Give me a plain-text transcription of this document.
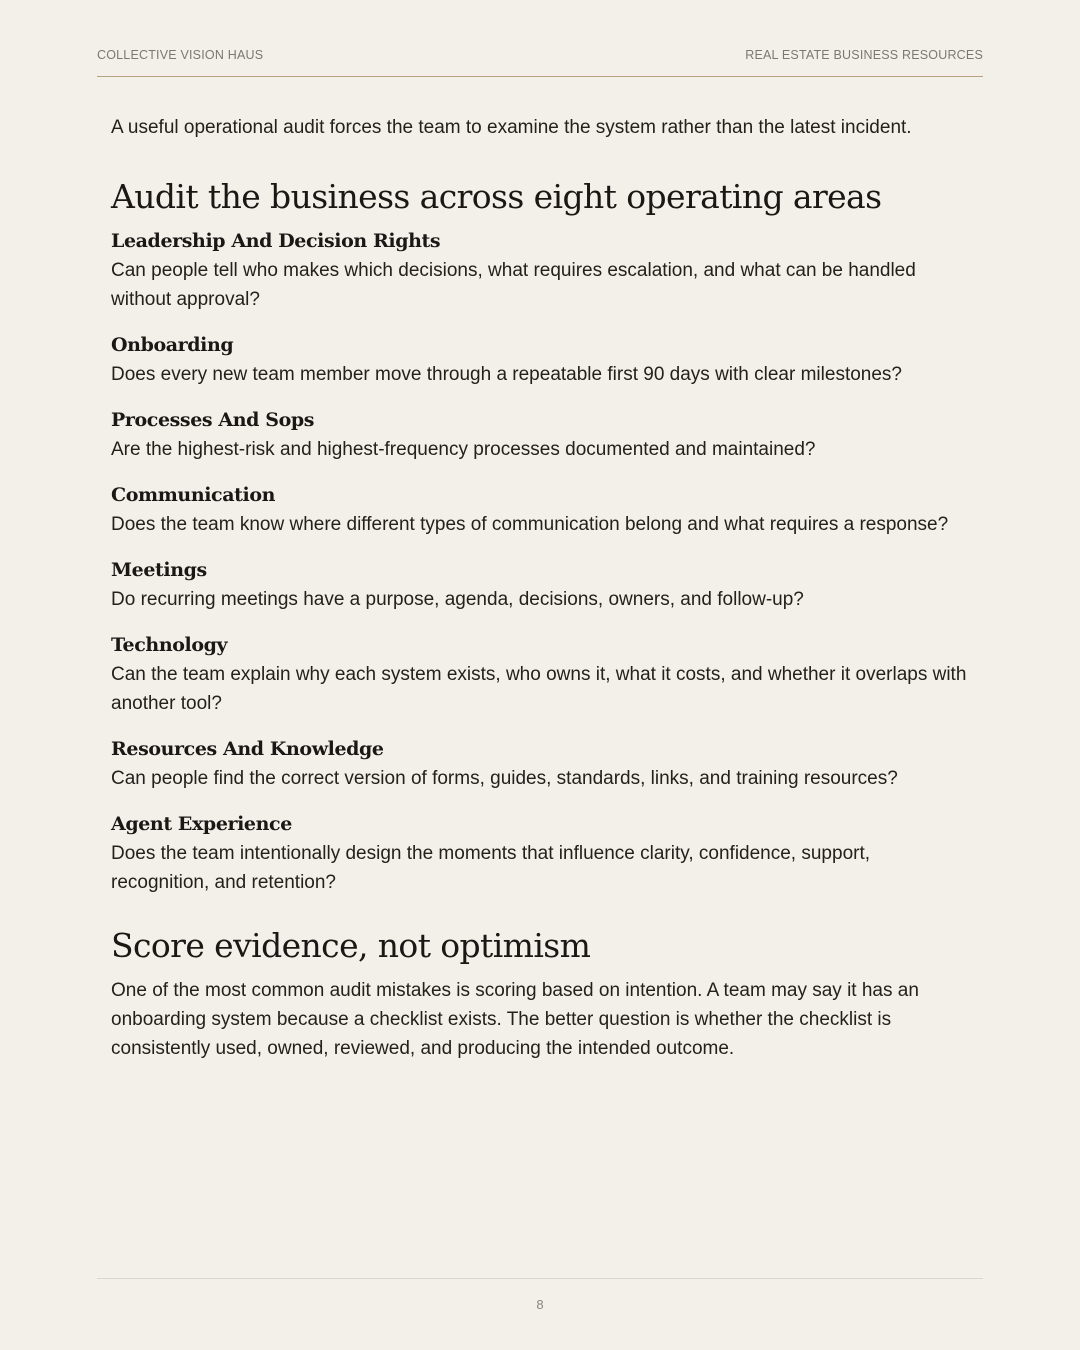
COLLECTIVE VISION HAUS	REAL ESTATE BUSINESS RESOURCES

A useful operational audit forces the team to examine the system rather than the latest incident.

Audit the business across eight operating areas
Leadership And Decision Rights

Can people tell who makes which decisions, what requires escalation, and what can be handled without approval?

Onboarding

Does every new team member move through a repeatable first 90 days with clear milestones?

Processes And Sops

Are the highest-risk and highest-frequency processes documented and maintained?

Communication

Does the team know where different types of communication belong and what requires a response?

Meetings

Do recurring meetings have a purpose, agenda, decisions, owners, and follow-up?

Technology

Can the team explain why each system exists, who owns it, what it costs, and whether it overlaps with another tool?

Resources And Knowledge

Can people find the correct version of forms, guides, standards, links, and training resources?

Agent Experience

Does the team intentionally design the moments that influence clarity, confidence, support, recognition, and retention?

Score evidence, not optimism

One of the most common audit mistakes is scoring based on intention. A team may say it has an onboarding system because a checklist exists. The better question is whether the checklist is consistently used, owned, reviewed, and producing the intended outcome.

8
